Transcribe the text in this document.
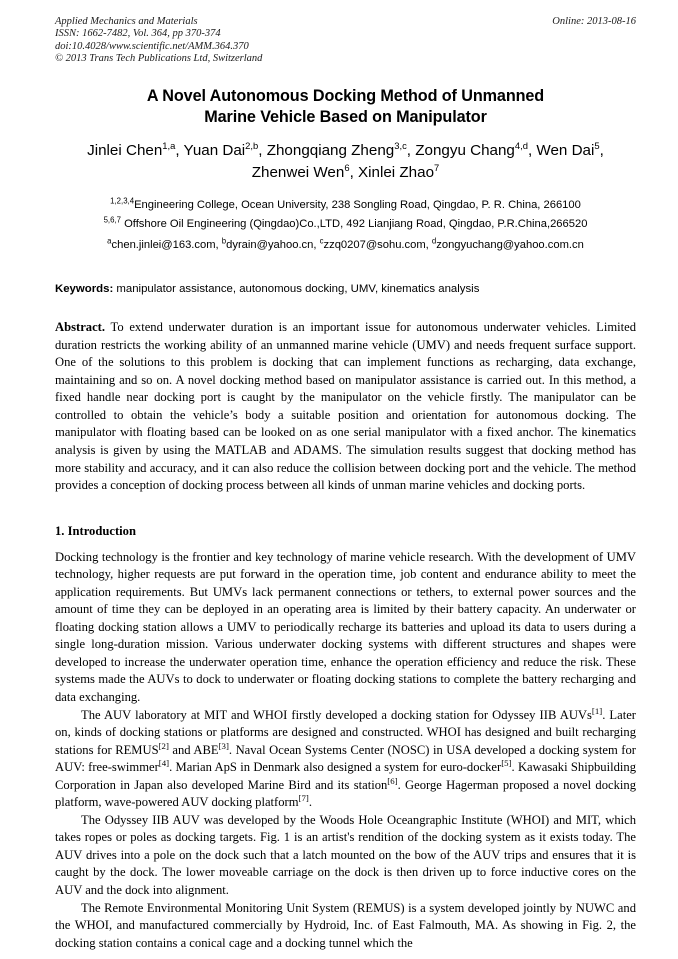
Applied Mechanics and Materials
ISSN: 1662-7482, Vol. 364, pp 370-374
doi:10.4028/www.scientific.net/AMM.364.370
© 2013 Trans Tech Publications Ltd, Switzerland
Online: 2013-08-16
A Novel Autonomous Docking Method of Unmanned
Marine Vehicle Based on Manipulator
Jinlei Chen$^{1,a}$, Yuan Dai$^{2,b}$, Zhongqiang Zheng$^{3,c}$, Zongyu Chang$^{4,d}$, Wen Dai$^5$, Zhenwei Wen$^6$, Xinlei Zhao$^7$
$^{1,2,3,4}$Engineering College, Ocean University, 238 Songling Road, Qingdao, P. R. China, 266100
$^{5,6,7}$ Offshore Oil Engineering (Qingdao)Co.,LTD, 492 Lianjiang Road, Qingdao, P.R.China,266520
$^a$chen.jinlei@163.com, $^b$dyrain@yahoo.cn, $^c$zzq0207@sohu.com, $^d$zongyuchang@yahoo.com.cn
Keywords: manipulator assistance, autonomous docking, UMV, kinematics analysis
Abstract. To extend underwater duration is an important issue for autonomous underwater vehicles. Limited duration restricts the working ability of an unmanned marine vehicle (UMV) and needs frequent surface support. One of the solutions to this problem is docking that can implement functions as recharging, data exchange, maintaining and so on. A novel docking method based on manipulator assistance is carried out. In this method, a fixed handle near docking port is caught by the manipulator on the vehicle firstly. The manipulator can be controlled to obtain the vehicle’s body a suitable position and orientation for autonomous docking. The manipulator with floating based can be looked on as one serial manipulator with a fixed anchor. The kinematics analysis is given by using the MATLAB and ADAMS. The simulation results suggest that docking method has more stability and accuracy, and it can also reduce the collision between docking port and the vehicle. The method provides a conception of docking process between all kinds of unman marine vehicles and docking ports.
1. Introduction
Docking technology is the frontier and key technology of marine vehicle research. With the development of UMV technology, higher requests are put forward in the operation time, job content and endurance ability to meet the application requirements. But UMVs lack permanent connections or tethers, to external power sources and the amount of time they can be deployed in an operating area is limited by their battery capacity. An underwater or floating docking station allows a UMV to periodically recharge its batteries and upload its data to users during a single long-duration mission. Various underwater docking systems with different structures and shapes were developed to increase the underwater operation time, enhance the operation efficiency and reduce the risk. These systems made the AUVs to dock to underwater or floating docking stations to complete the battery recharging and data exchanging.
The AUV laboratory at MIT and WHOI firstly developed a docking station for Odyssey IIB AUVs[1]. Later on, kinds of docking stations or platforms are designed and constructed. WHOI has designed and built recharging stations for REMUS[2] and ABE[3]. Naval Ocean Systems Center (NOSC) in USA developed a docking system for AUV: free-swimmer[4]. Marian ApS in Denmark also designed a system for euro-docker[5]. Kawasaki Shipbuilding Corporation in Japan also developed Marine Bird and its station[6]. George Hagerman proposed a novel docking platform, wave-powered AUV docking platform[7].
The Odyssey IIB AUV was developed by the Woods Hole Oceangraphic Institute (WHOI) and MIT, which takes ropes or poles as docking targets. Fig. 1 is an artist's rendition of the docking system as it exists today. The AUV drives into a pole on the dock such that a latch mounted on the bow of the AUV trips and ensures that it is caught by the dock. The lower moveable carriage on the dock is then driven up to force inductive cores on the AUV and the dock into alignment.
The Remote Environmental Monitoring Unit System (REMUS) is a system developed jointly by NUWC and the WHOI, and manufactured commercially by Hydroid, Inc. of East Falmouth, MA. As showing in Fig. 2, the docking station contains a conical cage and a docking tunnel which the
